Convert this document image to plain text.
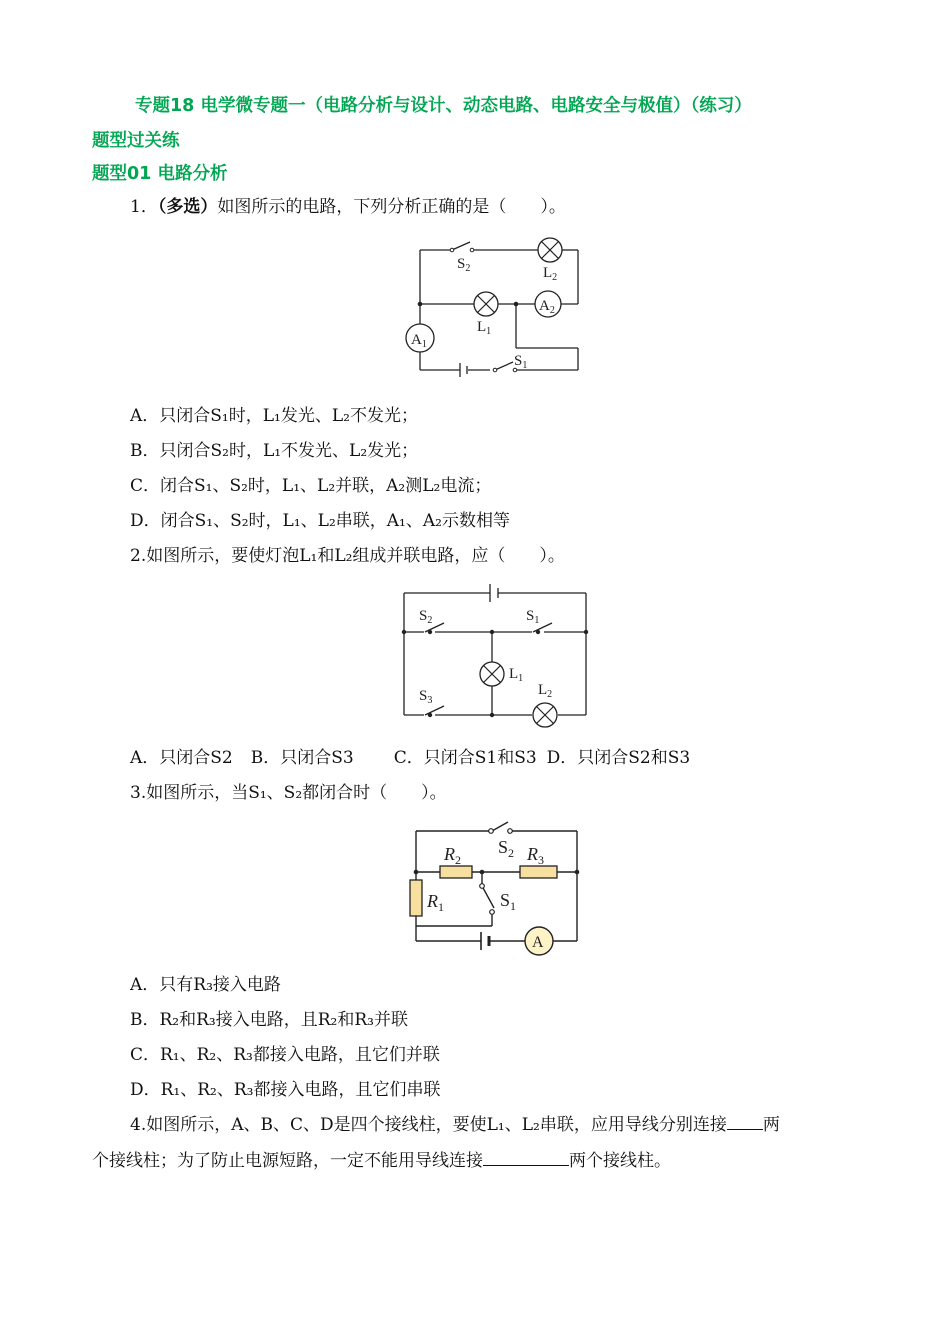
专题18 电学微专题一（电路分析与设计、动态电路、电路安全与极值）（练习）
题型过关练
题型01 电路分析
1．（多选）如图所示的电路，下列分析正确的是（　　）。
$S_2$	$L_2$
$L_1$
$A_2$
$A_1$
$S_1$
A．只闭合S₁时，L₁发光、L₂不发光；
B．只闭合S₂时，L₁不发光、L₂发光；
C．闭合S₁、S₂时，L₁、L₂并联，A₂测L₂电流；
D．闭合S₁、S₂时，L₁、L₂串联，A₁、A₂示数相等
2.如图所示，要使灯泡L₁和L₂组成并联电路，应（　　）。
$S_2$	$S_1$
$L_1$
$S_3$
$L_2$
A．只闭合S2 B．只闭合S3 C．只闭合S1和S3 D．只闭合S2和S3
3.如图所示，当S₁、S₂都闭合时（　　）。
A
$S_2$
$R_2$	$R_3$
$R_1$	$S_1$
A．只有R₃接入电路
B．R₂和R₃接入电路，且R₂和R₃并联
C．R₁、R₂、R₃都接入电路，且它们并联
D．R₁、R₂、R₃都接入电路，且它们串联
4.如图所示，A、B、C、D是四个接线柱，要使L₁、L₂串联，应用导线分别连接 两
个接线柱；为了防止电源短路，一定不能用导线连接	两个接线柱。
